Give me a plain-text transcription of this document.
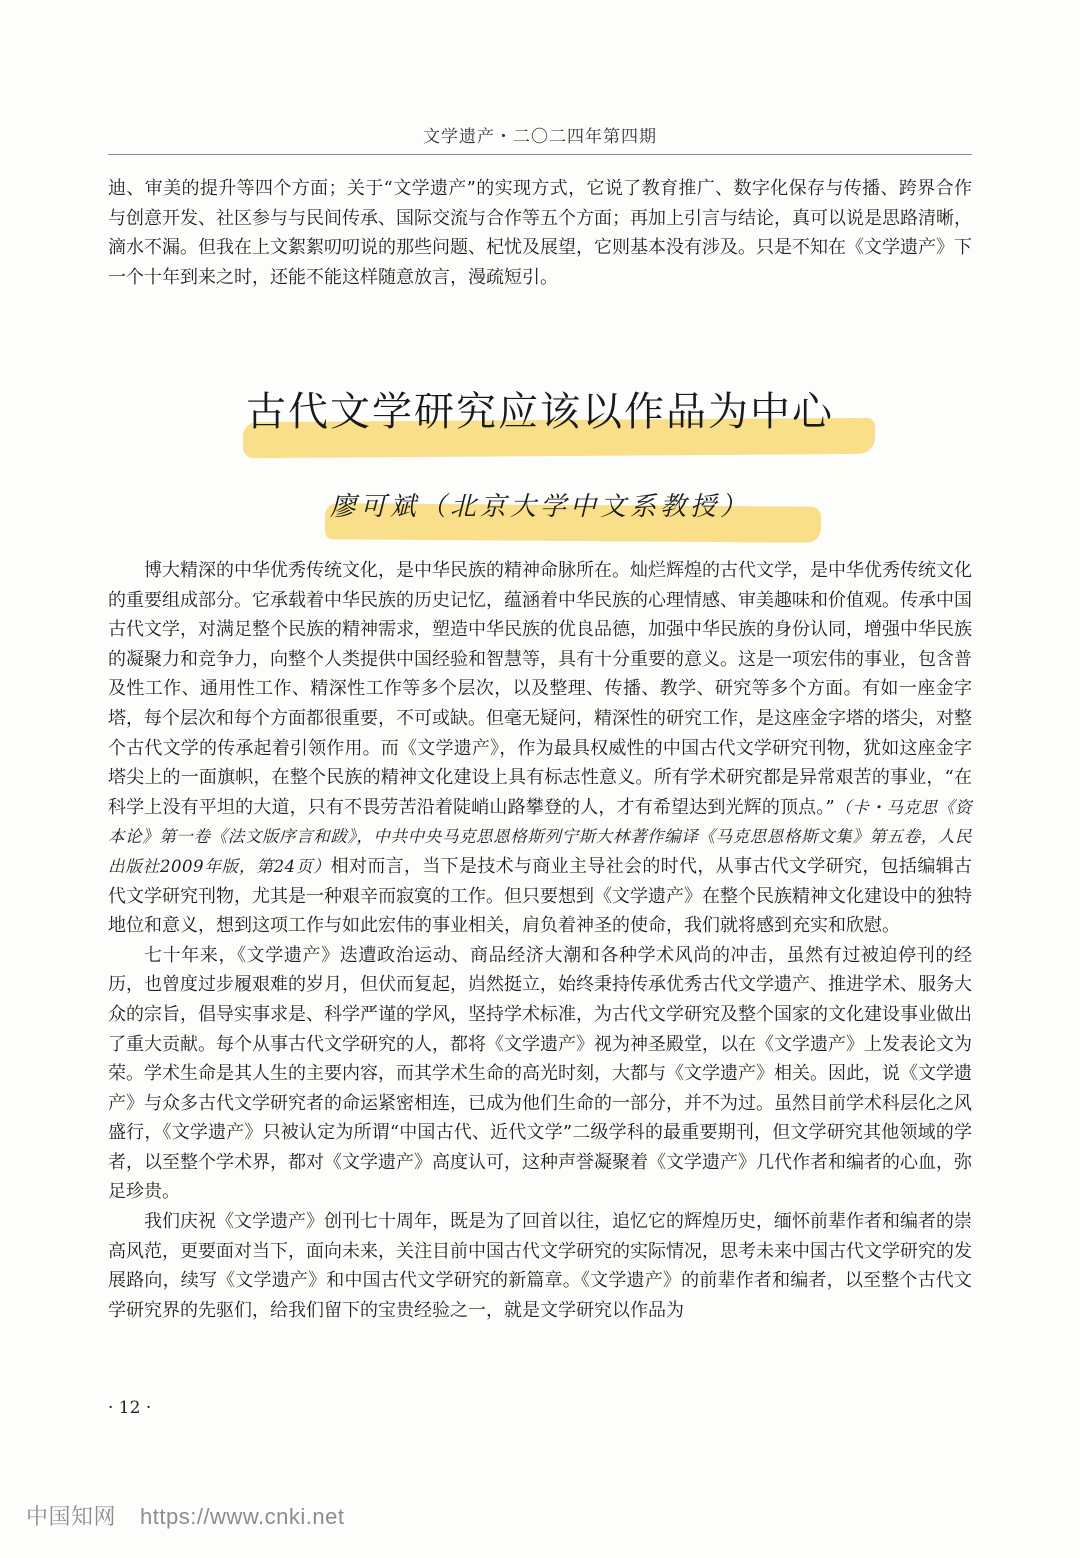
文学遗产・二〇二四年第四期

迪、审美的提升等四个方面；关于“文学遗产”的实现方式，它说了教育推广、数字化保存与传播、跨界合作与创意开发、社区参与与民间传承、国际交流与合作等五个方面；再加上引言与结论，真可以说是思路清晰，滴水不漏。但我在上文絮絮叨叨说的那些问题、杞忧及展望，它则基本没有涉及。只是不知在《文学遗产》下一个十年到来之时，还能不能这样随意放言，漫疏短引。

古代文学研究应该以作品为中心
廖可斌（北京大学中文系教授）

博大精深的中华优秀传统文化，是中华民族的精神命脉所在。灿烂辉煌的古代文学，是中华优秀传统文化的重要组成部分。它承载着中华民族的历史记忆，蕴涵着中华民族的心理情感、审美趣味和价值观。传承中国古代文学，对满足整个民族的精神需求，塑造中华民族的优良品德，加强中华民族的身份认同，增强中华民族的凝聚力和竞争力，向整个人类提供中国经验和智慧等，具有十分重要的意义。这是一项宏伟的事业，包含普及性工作、通用性工作、精深性工作等多个层次，以及整理、传播、教学、研究等多个方面。有如一座金字塔，每个层次和每个方面都很重要，不可或缺。但毫无疑问，精深性的研究工作，是这座金字塔的塔尖，对整个古代文学的传承起着引领作用。而《文学遗产》，作为最具权威性的中国古代文学研究刊物，犹如这座金字塔尖上的一面旗帜，在整个民族的精神文化建设上具有标志性意义。所有学术研究都是异常艰苦的事业，“在科学上没有平坦的大道，只有不畏劳苦沿着陡峭山路攀登的人，才有希望达到光辉的顶点。”（卡・马克思《资本论》第一卷《法文版序言和跋》，中共中央马克思恩格斯列宁斯大林著作编译《马克思恩格斯文集》第五卷，人民出版社2009年版，第24页）相对而言，当下是技术与商业主导社会的时代，从事古代文学研究，包括编辑古代文学研究刊物，尤其是一种艰辛而寂寞的工作。但只要想到《文学遗产》在整个民族精神文化建设中的独特地位和意义，想到这项工作与如此宏伟的事业相关，肩负着神圣的使命，我们就将感到充实和欣慰。

七十年来，《文学遗产》迭遭政治运动、商品经济大潮和各种学术风尚的冲击，虽然有过被迫停刊的经历，也曾度过步履艰难的岁月，但伏而复起，岿然挺立，始终秉持传承优秀古代文学遗产、推进学术、服务大众的宗旨，倡导实事求是、科学严谨的学风，坚持学术标准，为古代文学研究及整个国家的文化建设事业做出了重大贡献。每个从事古代文学研究的人，都将《文学遗产》视为神圣殿堂，以在《文学遗产》上发表论文为荣。学术生命是其人生的主要内容，而其学术生命的高光时刻，大都与《文学遗产》相关。因此，说《文学遗产》与众多古代文学研究者的命运紧密相连，已成为他们生命的一部分，并不为过。虽然目前学术科层化之风盛行，《文学遗产》只被认定为所谓“中国古代、近代文学”二级学科的最重要期刊，但文学研究其他领域的学者，以至整个学术界，都对《文学遗产》高度认可，这种声誉凝聚着《文学遗产》几代作者和编者的心血，弥足珍贵。

我们庆祝《文学遗产》创刊七十周年，既是为了回首以往，追忆它的辉煌历史，缅怀前辈作者和编者的崇高风范，更要面对当下，面向未来，关注目前中国古代文学研究的实际情况，思考未来中国古代文学研究的发展路向，续写《文学遗产》和中国古代文学研究的新篇章。《文学遗产》的前辈作者和编者，以至整个古代文学研究界的先驱们，给我们留下的宝贵经验之一，就是文学研究以作品为

· 12 ·
中国知网 https://www.cnki.net
